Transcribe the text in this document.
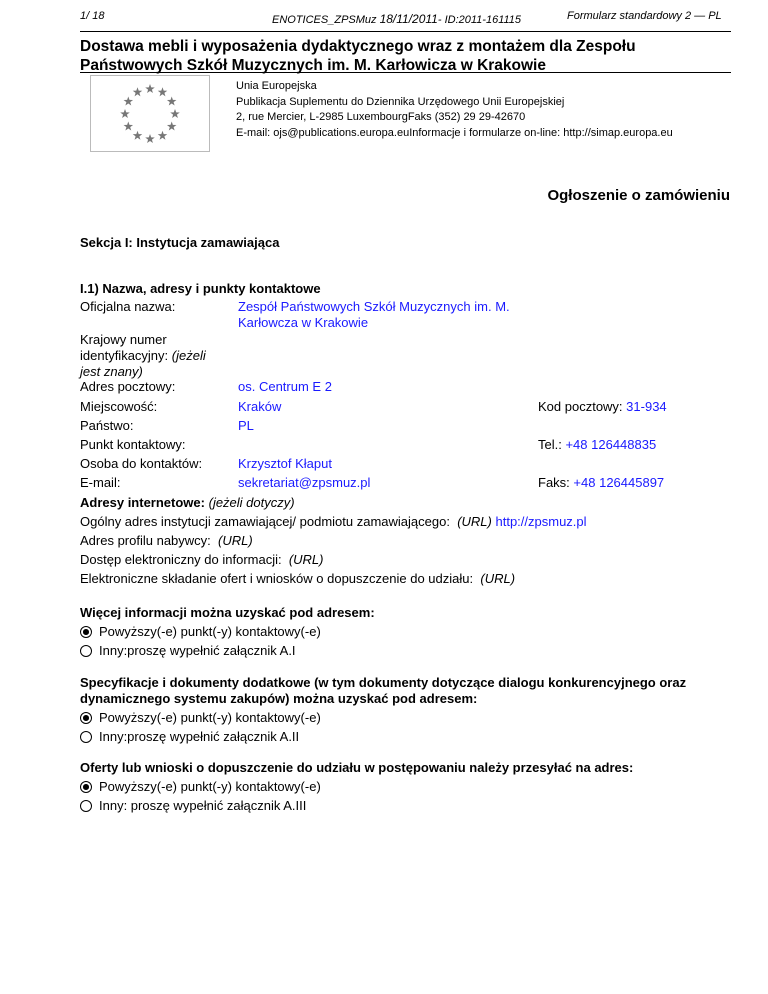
1/ 18	ENOTICES_ZPSMuz 18/11/2011- ID:2011-161115	Formularz standardowy 2 — PL
Dostawa mebli i wyposażenia dydaktycznego wraz z montażem dla Zespołu Państwowych Szkół Muzycznych im. M. Karłowicza w Krakowie
Unia Europejska
Publikacja Suplementu do Dziennika Urzędowego Unii Europejskiej
2, rue Mercier, L-2985 LuxembourgFaks (352) 29 29-42670
E-mail: ojs@publications.europa.euInformacje i formularze on-line: http://simap.europa.eu
Ogłoszenie o zamówieniu
Sekcja I: Instytucja zamawiająca
I.1) Nazwa, adresy i punkty kontaktowe
Oficjalna nazwa:	Zespół Państwowych Szkół Muzycznych im. M.
Karłowcza w Krakowie
Krajowy numer
identyfikacyjny: (jeżeli
jest znany)
Adres pocztowy:	os. Centrum E 2
Miejscowość:	Kraków	Kod pocztowy: 31-934
Państwo:	PL
Punkt kontaktowy:	Tel.: +48 126448835
Osoba do kontaktów:	Krzysztof Kłaput
E-mail:	sekretariat@zpsmuz.pl	Faks: +48 126445897
Adresy internetowe: (jeżeli dotyczy)
Ogólny adres instytucji zamawiającej/ podmiotu zamawiającego: (URL) http://zpsmuz.pl
Adres profilu nabywcy: (URL)
Dostęp elektroniczny do informacji: (URL)
Elektroniczne składanie ofert i wniosków o dopuszczenie do udziału: (URL)
Więcej informacji można uzyskać pod adresem:
Powyższy(-e) punkt(-y) kontaktowy(-e)
Inny:proszę wypełnić załącznik A.I
Specyfikacje i dokumenty dodatkowe (w tym dokumenty dotyczące dialogu konkurencyjnego oraz
dynamicznego systemu zakupów) można uzyskać pod adresem:
Powyższy(-e) punkt(-y) kontaktowy(-e)
Inny:proszę wypełnić załącznik A.II
Oferty lub wnioski o dopuszczenie do udziału w postępowaniu należy przesyłać na adres:
Powyższy(-e) punkt(-y) kontaktowy(-e)
Inny: proszę wypełnić załącznik A.III
